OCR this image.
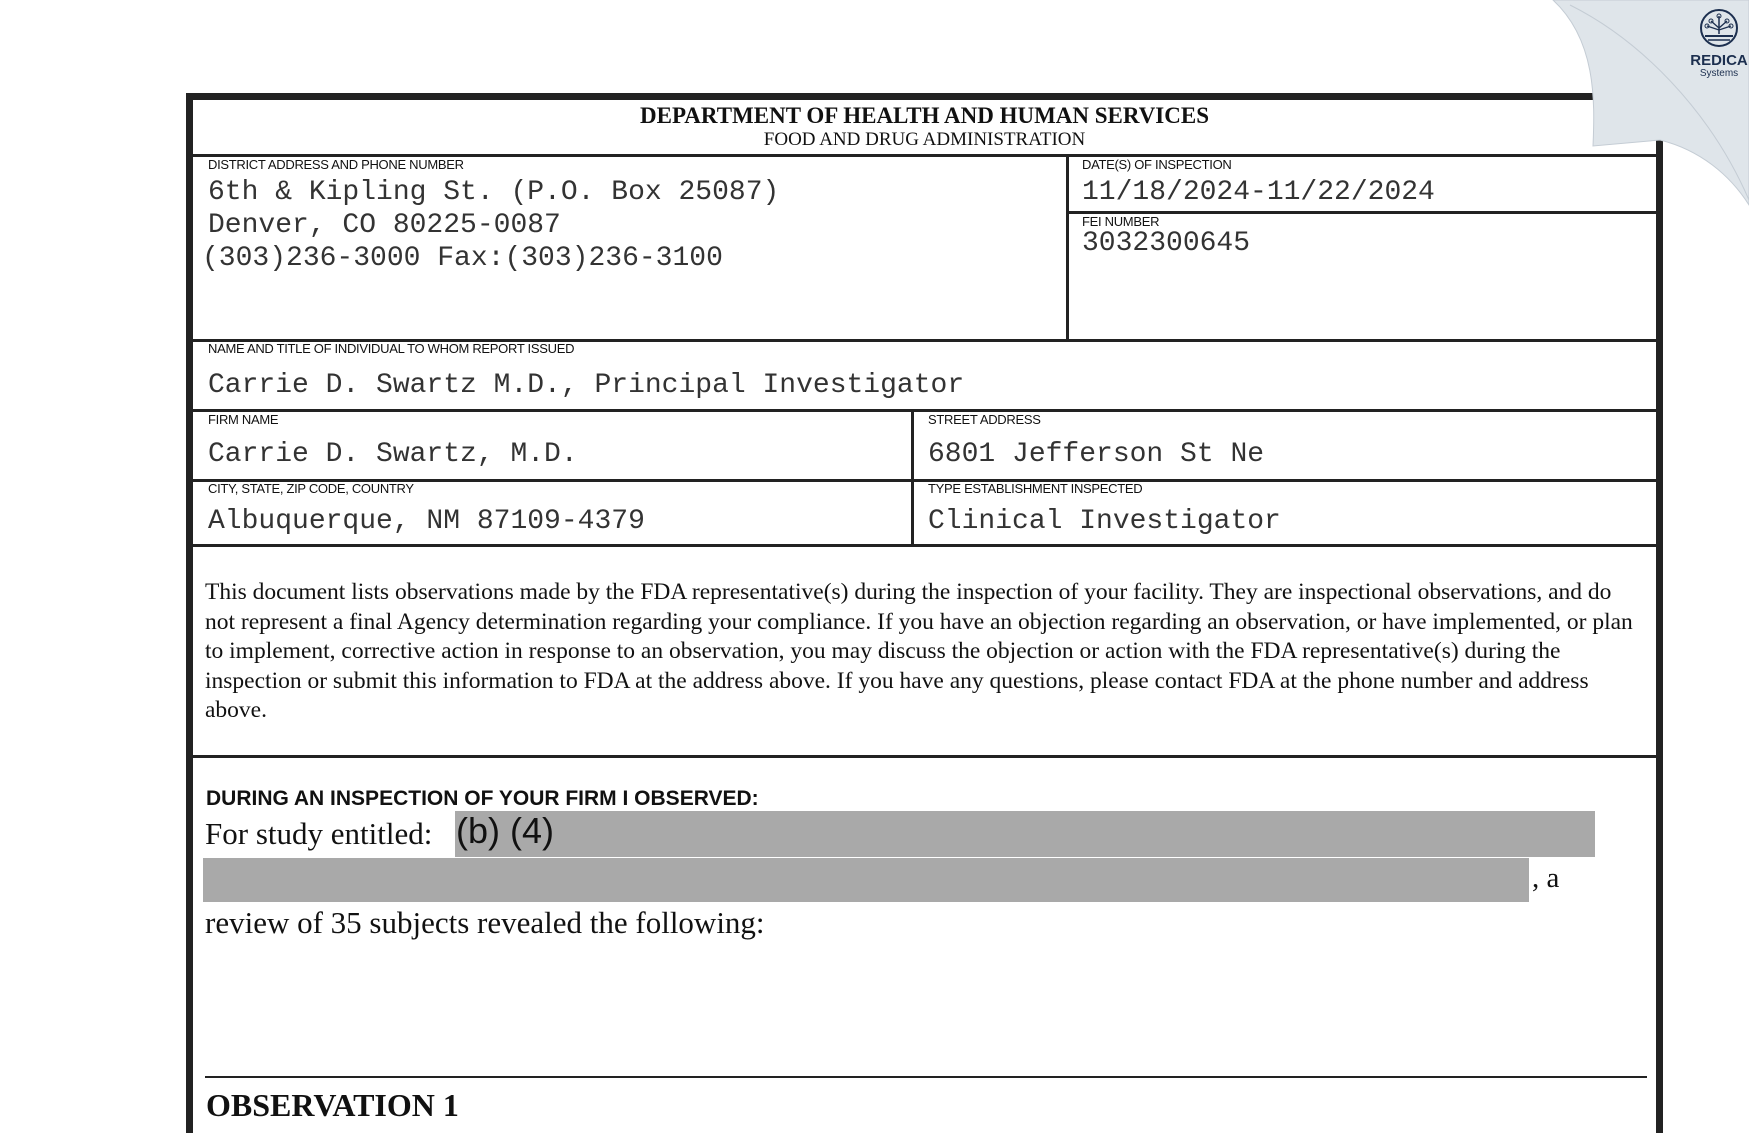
DEPARTMENT OF HEALTH AND HUMAN SERVICES
FOOD AND DRUG ADMINISTRATION
DISTRICT ADDRESS AND PHONE NUMBER
6th & Kipling St. (P.O. Box 25087)
Denver, CO 80225-0087
(303)236-3000 Fax:(303)236-3100
DATE(S) OF INSPECTION
11/18/2024-11/22/2024
FEI NUMBER
3032300645
NAME AND TITLE OF INDIVIDUAL TO WHOM REPORT ISSUED
Carrie D. Swartz M.D., Principal Investigator
FIRM NAME
Carrie D. Swartz, M.D.
STREET ADDRESS
6801 Jefferson St Ne
CITY, STATE, ZIP CODE, COUNTRY
Albuquerque, NM 87109-4379
TYPE ESTABLISHMENT INSPECTED
Clinical Investigator
This document lists observations made by the FDA representative(s) during the inspection of your facility. They are inspectional observations, and do not represent a final Agency determination regarding your compliance. If you have an objection regarding an observation, or have implemented, or plan to implement, corrective action in response to an observation, you may discuss the objection or action with the FDA representative(s) during the inspection or submit this information to FDA at the address above. If you have any questions, please contact FDA at the phone number and address above.
DURING AN INSPECTION OF YOUR FIRM I OBSERVED:
For study entitled: (b) (4)
, a
review of 35 subjects revealed the following:
OBSERVATION 1
REDICA
Systems
